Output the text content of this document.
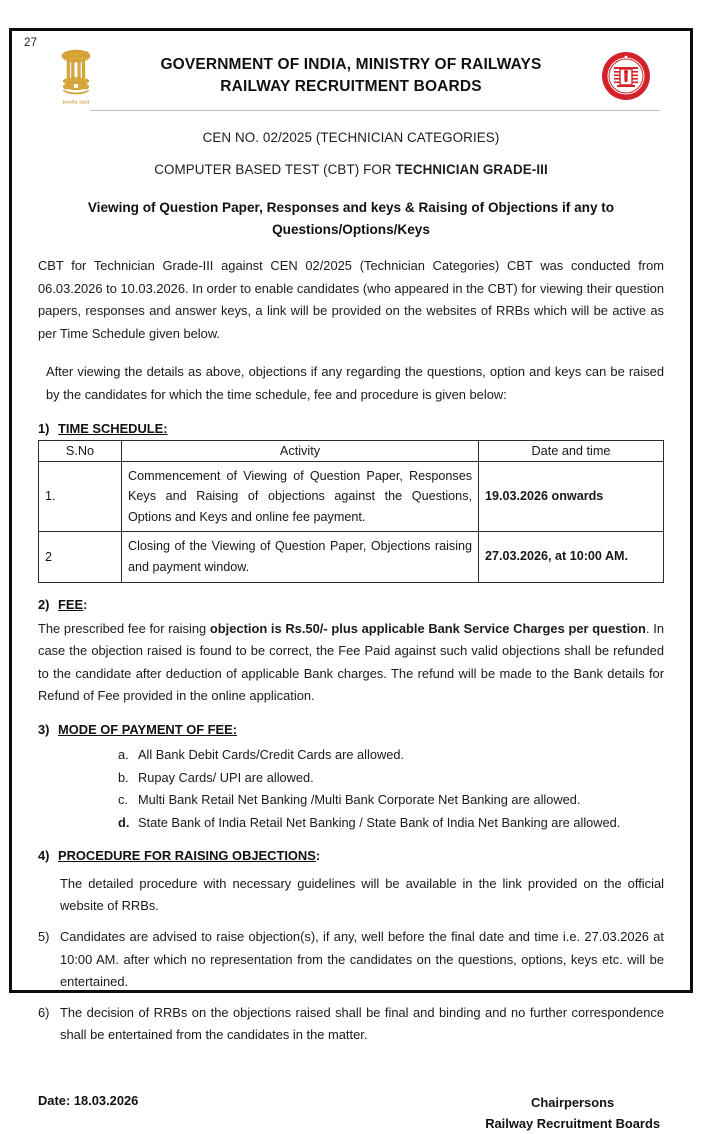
27
सत्यमेव जयते
GOVERNMENT OF INDIA, MINISTRY OF RAILWAYS
RAILWAY RECRUITMENT BOARDS
CEN NO. 02/2025 (TECHNICIAN CATEGORIES)
COMPUTER BASED TEST (CBT) FOR TECHNICIAN GRADE-III
Viewing of Question Paper, Responses and keys & Raising of Objections if any to Questions/Options/Keys

CBT for Technician Grade-III against CEN 02/2025 (Technician Categories) CBT was conducted from 06.03.2026 to 10.03.2026. In order to enable candidates (who appeared in the CBT) for viewing their question papers, responses and answer keys, a link will be provided on the websites of RRBs which will be active as per Time Schedule given below.

After viewing the details as above, objections if any regarding the questions, option and keys can be raised by the candidates for which the time schedule, fee and procedure is given below:

1) TIME SCHEDULE:
S.No	Activity	Date and time
1.	Commencement of Viewing of Question Paper, Responses Keys and Raising of objections against the Questions, Options and Keys and online fee payment.	19.03.2026 onwards
2	Closing of the Viewing of Question Paper, Objections raising and payment window.	27.03.2026, at 10:00 AM.
2) FEE:

The prescribed fee for raising objection is Rs.50/- plus applicable Bank Service Charges per question. In case the objection raised is found to be correct, the Fee Paid against such valid objections shall be refunded to the candidate after deduction of applicable Bank charges. The refund will be made to the Bank details for Refund of Fee provided in the online application.

3) MODE OF PAYMENT OF FEE:
a. All Bank Debit Cards/Credit Cards are allowed.
b. Rupay Cards/ UPI are allowed.
c. Multi Bank Retail Net Banking /Multi Bank Corporate Net Banking are allowed.
d. State Bank of India Retail Net Banking / State Bank of India Net Banking are allowed.
4) PROCEDURE FOR RAISING OBJECTIONS:

The detailed procedure with necessary guidelines will be available in the link provided on the official website of RRBs.

5) Candidates are advised to raise objection(s), if any, well before the final date and time i.e. 27.03.2026 at 10:00 AM. after which no representation from the candidates on the questions, options, keys etc. will be entertained.
6) The decision of RRBs on the objections raised shall be final and binding and no further correspondence shall be entertained from the candidates in the matter.
Date: 18.03.2026	Chairpersons
Railway Recruitment Boards
